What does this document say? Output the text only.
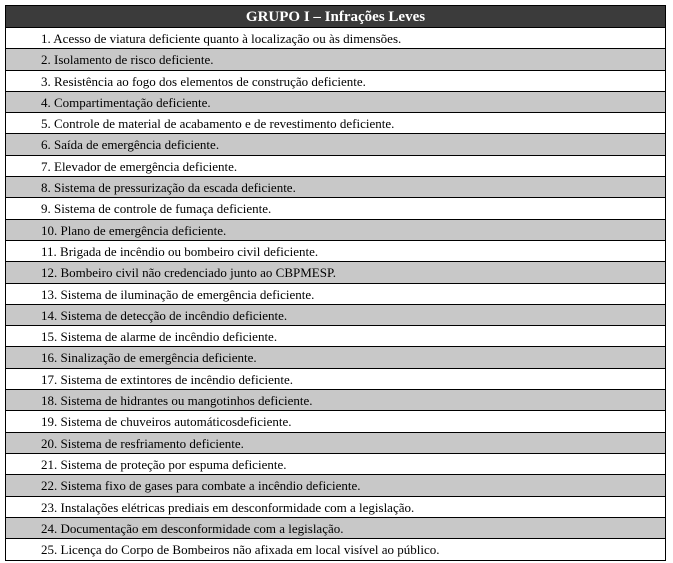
GRUPO I – Infrações Leves
1. Acesso de viatura deficiente quanto à localização ou às dimensões.
2. Isolamento de risco deficiente.
3. Resistência ao fogo dos elementos de construção deficiente.
4. Compartimentação deficiente.
5. Controle de material de acabamento e de revestimento deficiente.
6. Saída de emergência deficiente.
7. Elevador de emergência deficiente.
8. Sistema de pressurização da escada deficiente.
9. Sistema de controle de fumaça deficiente.
10. Plano de emergência deficiente.
11. Brigada de incêndio ou bombeiro civil deficiente.
12. Bombeiro civil não credenciado junto ao CBPMESP.
13. Sistema de iluminação de emergência deficiente.
14. Sistema de detecção de incêndio deficiente.
15. Sistema de alarme de incêndio deficiente.
16. Sinalização de emergência deficiente.
17. Sistema de extintores de incêndio deficiente.
18. Sistema de hidrantes ou mangotinhos deficiente.
19. Sistema de chuveiros automáticosdeficiente.
20. Sistema de resfriamento deficiente.
21. Sistema de proteção por espuma deficiente.
22. Sistema fixo de gases para combate a incêndio deficiente.
23. Instalações elétricas prediais em desconformidade com a legislação.
24. Documentação em desconformidade com a legislação.
25. Licença do Corpo de Bombeiros não afixada em local visível ao público.
